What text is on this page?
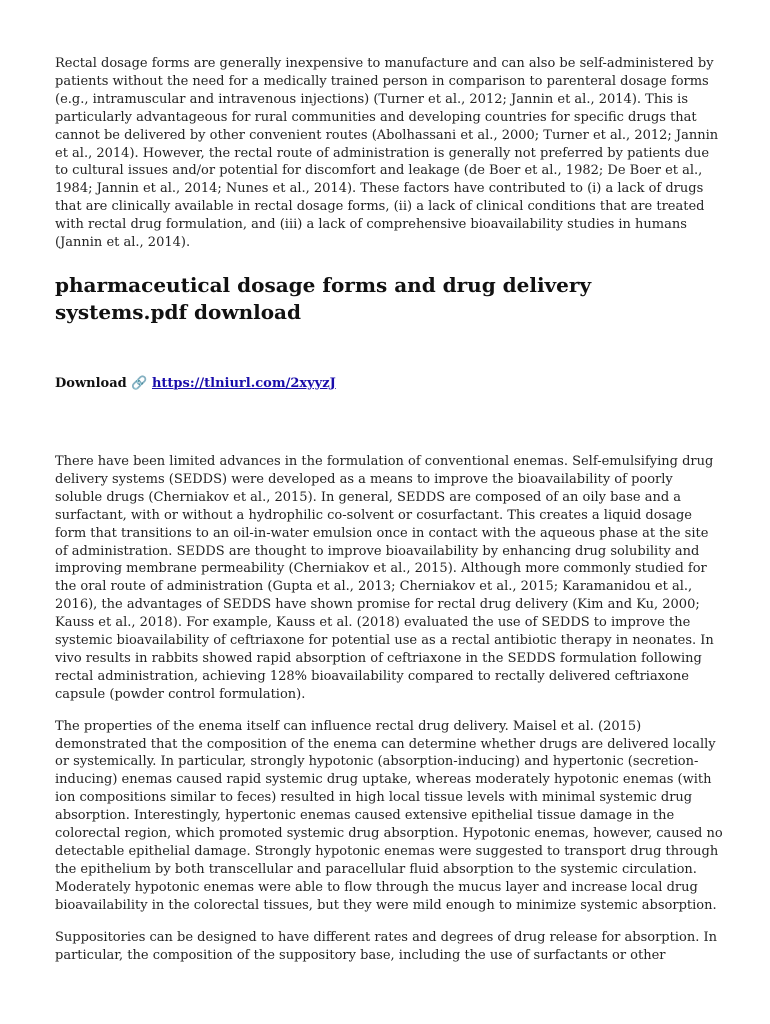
Rectal dosage forms are generally inexpensive to manufacture and can also be self-administered by patients without the need for a medically trained person in comparison to parenteral dosage forms (e.g., intramuscular and intravenous injections) (Turner et al., 2012; Jannin et al., 2014). This is particularly advantageous for rural communities and developing countries for specific drugs that cannot be delivered by other convenient routes (Abolhassani et al., 2000; Turner et al., 2012; Jannin et al., 2014). However, the rectal route of administration is generally not preferred by patients due to cultural issues and/or potential for discomfort and leakage (de Boer et al., 1982; De Boer et al., 1984; Jannin et al., 2014; Nunes et al., 2014). These factors have contributed to (i) a lack of drugs that are clinically available in rectal dosage forms, (ii) a lack of clinical conditions that are treated with rectal drug formulation, and (iii) a lack of comprehensive bioavailability studies in humans (Jannin et al., 2014).

pharmaceutical dosage forms and drug delivery systems.pdf download
Download 🔗 https://tlniurl.com/2xyyzJ

There have been limited advances in the formulation of conventional enemas. Self-emulsifying drug delivery systems (SEDDS) were developed as a means to improve the bioavailability of poorly soluble drugs (Cherniakov et al., 2015). In general, SEDDS are composed of an oily base and a surfactant, with or without a hydrophilic co-solvent or cosurfactant. This creates a liquid dosage form that transitions to an oil-in-water emulsion once in contact with the aqueous phase at the site of administration. SEDDS are thought to improve bioavailability by enhancing drug solubility and improving membrane permeability (Cherniakov et al., 2015). Although more commonly studied for the oral route of administration (Gupta et al., 2013; Cherniakov et al., 2015; Karamanidou et al., 2016), the advantages of SEDDS have shown promise for rectal drug delivery (Kim and Ku, 2000; Kauss et al., 2018). For example, Kauss et al. (2018) evaluated the use of SEDDS to improve the systemic bioavailability of ceftriaxone for potential use as a rectal antibiotic therapy in neonates. In vivo results in rabbits showed rapid absorption of ceftriaxone in the SEDDS formulation following rectal administration, achieving 128% bioavailability compared to rectally delivered ceftriaxone capsule (powder control formulation).

The properties of the enema itself can influence rectal drug delivery. Maisel et al. (2015) demonstrated that the composition of the enema can determine whether drugs are delivered locally or systemically. In particular, strongly hypotonic (absorption-inducing) and hypertonic (secretion-inducing) enemas caused rapid systemic drug uptake, whereas moderately hypotonic enemas (with ion compositions similar to feces) resulted in high local tissue levels with minimal systemic drug absorption. Interestingly, hypertonic enemas caused extensive epithelial tissue damage in the colorectal region, which promoted systemic drug absorption. Hypotonic enemas, however, caused no detectable epithelial damage. Strongly hypotonic enemas were suggested to transport drug through the epithelium by both transcellular and paracellular fluid absorption to the systemic circulation. Moderately hypotonic enemas were able to flow through the mucus layer and increase local drug bioavailability in the colorectal tissues, but they were mild enough to minimize systemic absorption.

Suppositories can be designed to have different rates and degrees of drug release for absorption. In particular, the composition of the suppository base, including the use of surfactants or other
